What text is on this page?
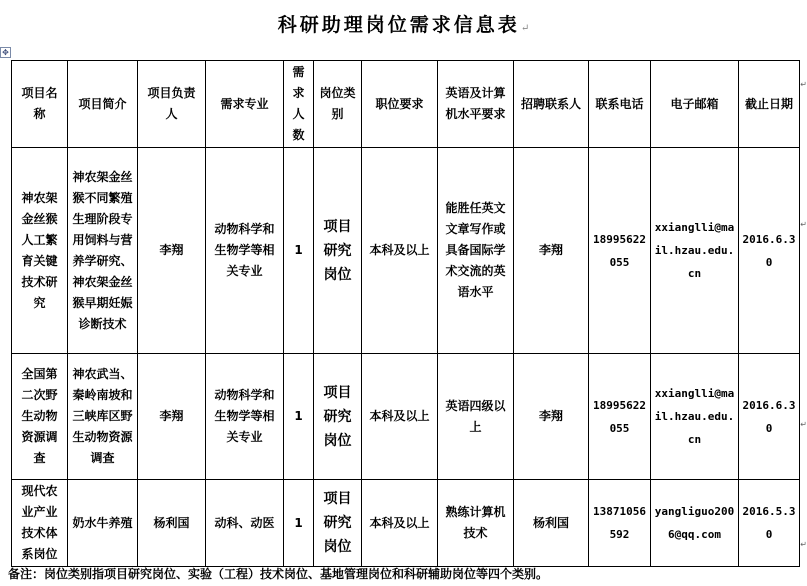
科研助理岗位需求信息表↵
✥
项目名称	项目简介	项目负责人	需求专业	需求人数	岗位类别	职位要求	英语及计算机水平要求	招聘联系人	联系电话	电子邮箱	截止日期
神农架金丝猴人工繁育关键技术研究	神农架金丝猴不同繁殖生理阶段专用饲料与营养学研究、神农架金丝猴早期妊娠诊断技术	李翔	动物科学和生物学等相关专业	1	项目研究岗位	本科及以上	能胜任英文文章写作或具备国际学术交流的英语水平	李翔	18995622055	xxianglli@mail.hzau.edu.cn	2016.6.30
全国第二次野生动物资源调查	神农武当、秦岭南坡和三峡库区野生动物资源调查	李翔	动物科学和生物学等相关专业	1	项目研究岗位	本科及以上	英语四级以上	李翔	18995622055	xxianglli@mail.hzau.edu.cn	2016.6.30
现代农业产业技术体系岗位	奶水牛养殖	杨利国	动科、动医	1	项目研究岗位	本科及以上	熟练计算机技术	杨利国	13871056592	yangliguo2006@qq.com	2016.5.30
备注：岗位类别指项目研究岗位、实验（工程）技术岗位、基地管理岗位和科研辅助岗位等四个类别。
↵
↵
↵
↵
